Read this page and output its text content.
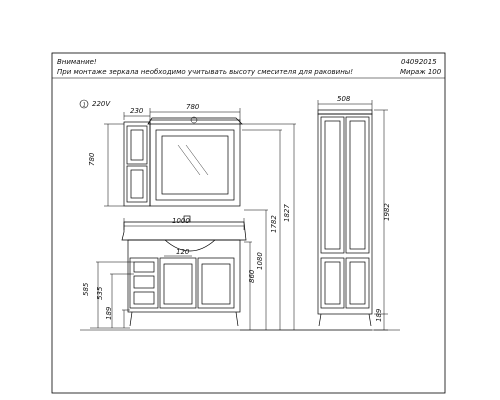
Внимание!
При монтаже зеркала необходимо учитывать высоту смесителя для раковины!
04092015
Мираж 100
1 220V
230	780
780
1000
120
585 535
189
860
1080
1782
1827
508
1982
189
